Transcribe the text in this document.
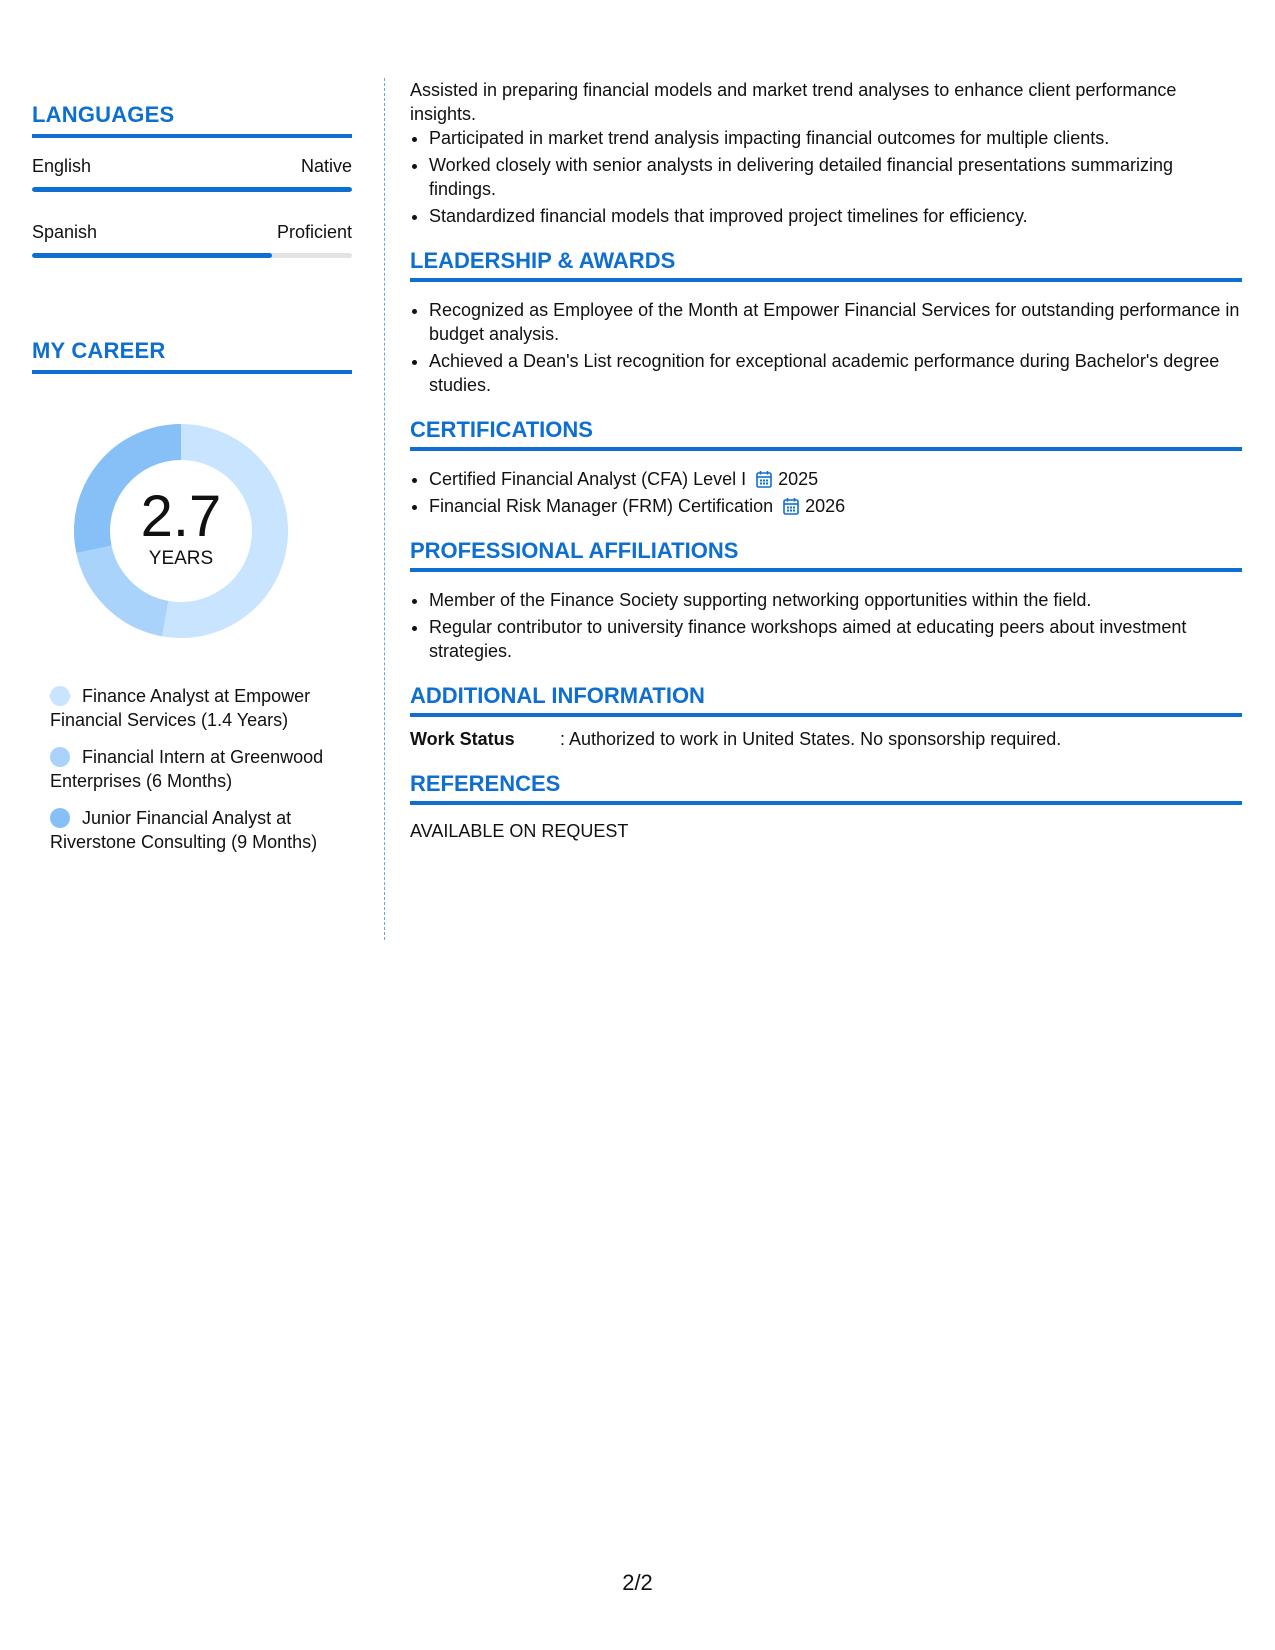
LANGUAGES
English	Native
Spanish	Proficient
MY CAREER
2.7
YEARS
Finance Analyst at Empower Financial Services (1.4 Years)
Financial Intern at Greenwood Enterprises (6 Months)
Junior Financial Analyst at Riverstone Consulting (9 Months)

Assisted in preparing financial models and market trend analyses to enhance client performance insights.

• Participated in market trend analysis impacting financial outcomes for multiple clients.
• Worked closely with senior analysts in delivering detailed financial presentations summarizing findings.
• Standardized financial models that improved project timelines for efficiency.
LEADERSHIP & AWARDS
• Recognized as Employee of the Month at Empower Financial Services for outstanding performance in budget analysis.
• Achieved a Dean's List recognition for exceptional academic performance during Bachelor's degree studies.
CERTIFICATIONS
• Certified Financial Analyst (CFA) Level I 2025
• Financial Risk Manager (FRM) Certification 2026
PROFESSIONAL AFFILIATIONS
• Member of the Finance Society supporting networking opportunities within the field.
• Regular contributor to university finance workshops aimed at educating peers about investment strategies.
ADDITIONAL INFORMATION
Work Status	: Authorized to work in United States. No sponsorship required.
REFERENCES
AVAILABLE ON REQUEST
2/2
